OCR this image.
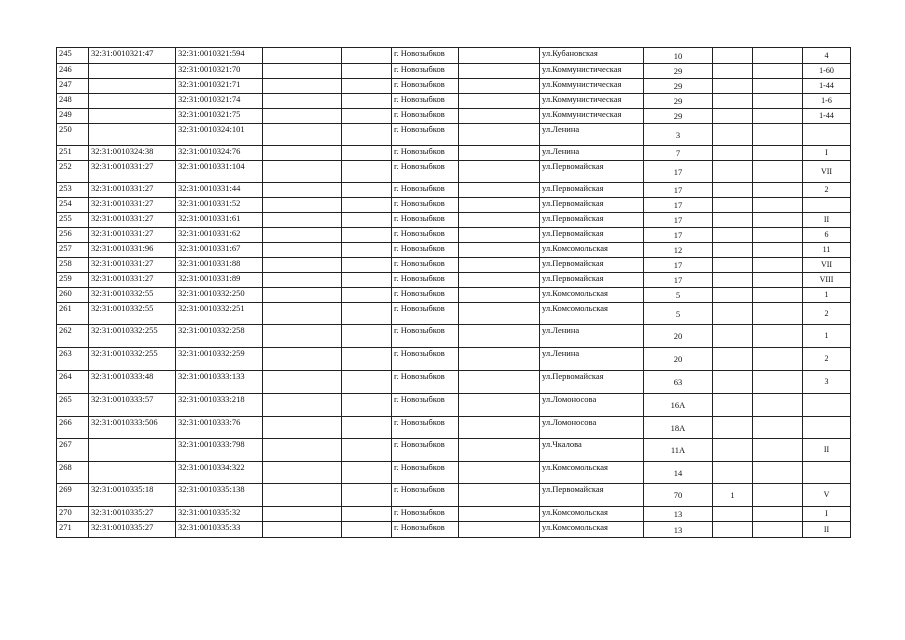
245	32:31:0010321:47	32:31:0010321:594			г. Новозыбков		ул.Кубановская	10			4
246		32:31:0010321:70			г. Новозыбков		ул.Коммунистическая	29			1-60
247		32:31:0010321:71			г. Новозыбков		ул.Коммунистическая	29			1-44
248		32:31:0010321:74			г. Новозыбков		ул.Коммунистическая	29			1-6
249		32:31:0010321:75			г. Новозыбков		ул.Коммунистическая	29			1-44
250		32:31:0010324:101			г. Новозыбков		ул.Ленина	3			
251	32:31:0010324:38	32:31:0010324:76			г. Новозыбков		ул.Ленина	7			I
252	32:31:0010331:27	32:31:0010331:104			г. Новозыбков		ул.Первомайская	17			VII
253	32:31:0010331:27	32:31:0010331:44			г. Новозыбков		ул.Первомайская	17			2
254	32:31:0010331:27	32:31:0010331:52			г. Новозыбков		ул.Первомайская	17			
255	32:31:0010331:27	32:31:0010331:61			г. Новозыбков		ул.Первомайская	17			II
256	32:31:0010331:27	32:31:0010331:62			г. Новозыбков		ул.Первомайская	17			6
257	32:31:0010331:96	32:31:0010331:67			г. Новозыбков		ул.Комсомольская	12			11
258	32:31:0010331:27	32:31:0010331:88			г. Новозыбков		ул.Первомайская	17			VII
259	32:31:0010331:27	32:31:0010331:89			г. Новозыбков		ул.Первомайская	17			VIII
260	32:31:0010332:55	32:31:0010332:250			г. Новозыбков		ул.Комсомольская	5			1
261	32:31:0010332:55	32:31:0010332:251			г. Новозыбков		ул.Комсомольская	5			2
262	32:31:0010332:255	32:31:0010332:258			г. Новозыбков		ул.Ленина	20			1
263	32:31:0010332:255	32:31:0010332:259			г. Новозыбков		ул.Ленина	20			2
264	32:31:0010333:48	32:31:0010333:133			г. Новозыбков		ул.Первомайская	63			3
265	32:31:0010333:57	32:31:0010333:218			г. Новозыбков		ул.Ломоносова	16А			
266	32:31:0010333:506	32:31:0010333:76			г. Новозыбков		ул.Ломоносова	18А			
267		32:31:0010333:798			г. Новозыбков		ул.Чкалова	11А			II
268		32:31:0010334:322			г. Новозыбков		ул.Комсомольская	14			
269	32:31:0010335:18	32:31:0010335:138			г. Новозыбков		ул.Первомайская	70	1		V
270	32:31:0010335:27	32:31:0010335:32			г. Новозыбков		ул.Комсомольская	13			I
271	32:31:0010335:27	32:31:0010335:33			г. Новозыбков		ул.Комсомольская	13			II
